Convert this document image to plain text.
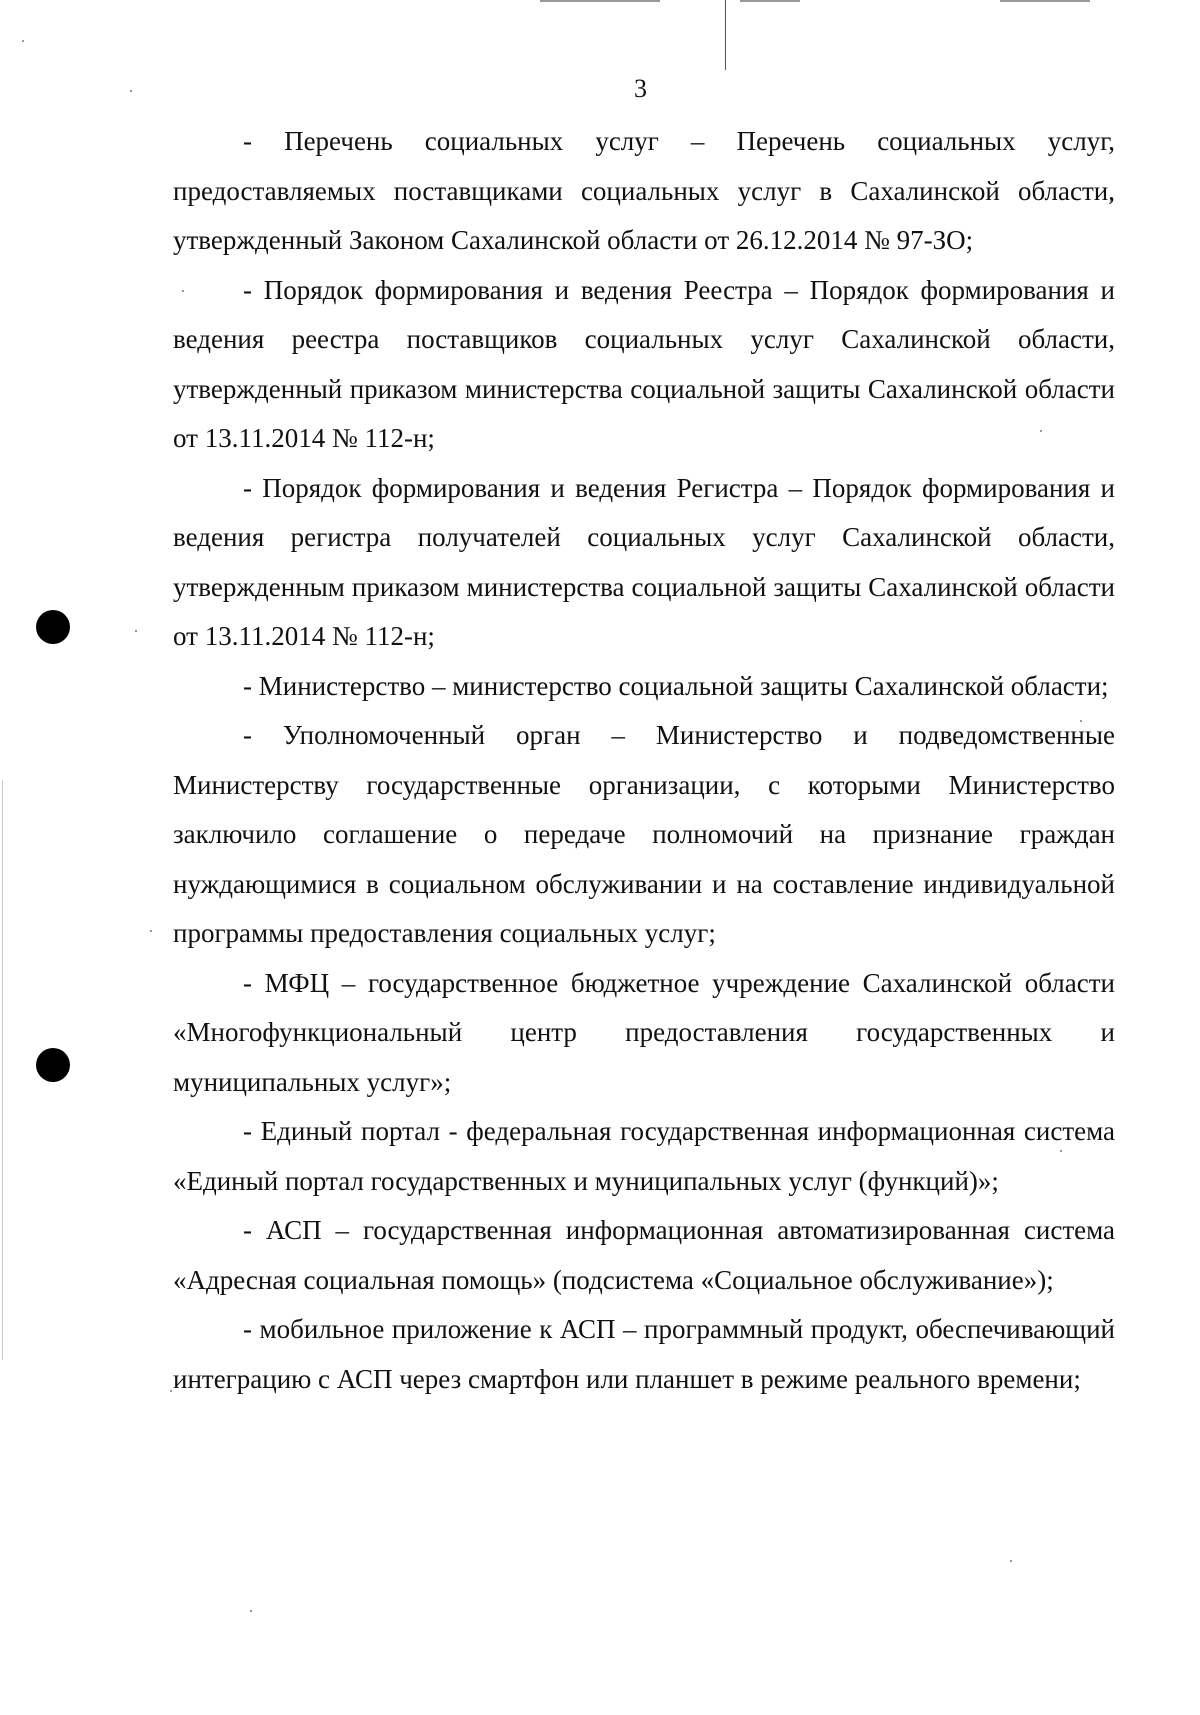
3

- Перечень социальных услуг – Перечень социальных услуг, предоставляемых поставщиками социальных услуг в Сахалинской области, утвержденный Законом Сахалинской области от 26.12.2014 № 97-ЗО;

- Порядок формирования и ведения Реестра – Порядок формирования и ведения реестра поставщиков социальных услуг Сахалинской области, утвержденный приказом министерства социальной защиты Сахалинской области от 13.11.2014 № 112-н;

- Порядок формирования и ведения Регистра – Порядок формирования и ведения регистра получателей социальных услуг Сахалинской области, утвержденным приказом министерства социальной защиты Сахалинской области от 13.11.2014 № 112-н;

- Министерство – министерство социальной защиты Сахалинской области;

- Уполномоченный орган – Министерство и подведомственные Министерству государственные организации, с которыми Министерство заключило соглашение о передаче полномочий на признание граждан нуждающимися в социальном обслуживании и на составление индивидуальной программы предоставления социальных услуг;

- МФЦ – государственное бюджетное учреждение Сахалинской области «Многофункциональный центр предоставления государственных и муниципальных услуг»;

- Единый портал - федеральная государственная информационная система «Единый портал государственных и муниципальных услуг (функций)»;

- АСП – государственная информационная автоматизированная система «Адресная социальная помощь» (подсистема «Социальное обслуживание»);

- мобильное приложение к АСП – программный продукт, обеспечивающий интеграцию с АСП через смартфон или планшет в режиме реального времени;
